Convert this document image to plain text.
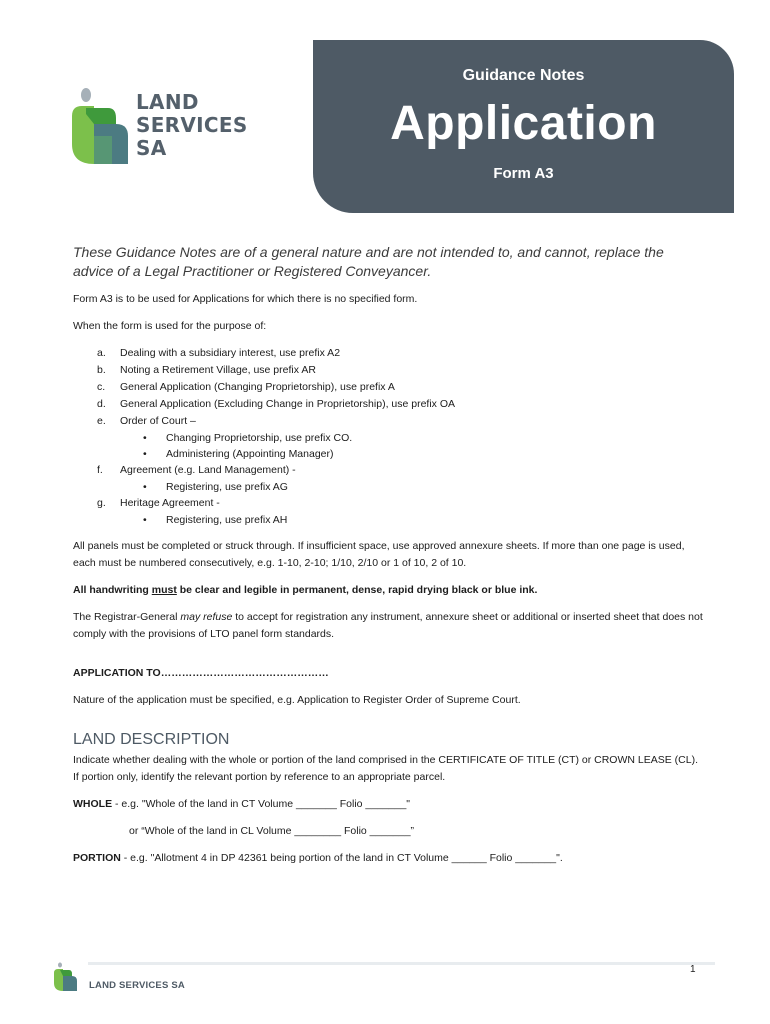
LAND
SERVICES
SA
Guidance Notes
Application
Form A3

These Guidance Notes are of a general nature and are not intended to, and cannot, replace the advice of a Legal Practitioner or Registered Conveyancer.

Form A3 is to be used for Applications for which there is no specified form.

When the form is used for the purpose of:

a. Dealing with a subsidiary interest, use prefix A2
b. Noting a Retirement Village, use prefix AR
c. General Application (Changing Proprietorship), use prefix A
d. General Application (Excluding Change in Proprietorship), use prefix OA
e. Order of Court –
• Changing Proprietorship, use prefix CO.
• Administering (Appointing Manager)
f. Agreement (e.g. Land Management) -
• Registering, use prefix AG
g. Heritage Agreement -
• Registering, use prefix AH

All panels must be completed or struck through. If insufficient space, use approved annexure sheets. If more than one page is used, each must be numbered consecutively, e.g. 1-10, 2-10; 1/10, 2/10 or 1 of 10, 2 of 10.

All handwriting must be clear and legible in permanent, dense, rapid drying black or blue ink.

The Registrar-General may refuse to accept for registration any instrument, annexure sheet or additional or inserted sheet that does not comply with the provisions of LTO panel form standards.

APPLICATION TO…………………………………………

Nature of the application must be specified, e.g. Application to Register Order of Supreme Court.

LAND DESCRIPTION

Indicate whether dealing with the whole or portion of the land comprised in the CERTIFICATE OF TITLE (CT) or CROWN LEASE (CL). If portion only, identify the relevant portion by reference to an appropriate parcel.

WHOLE - e.g. "Whole of the land in CT Volume _______ Folio _______"

or “Whole of the land in CL Volume ________ Folio _______”

PORTION - e.g. "Allotment 4 in DP 42361 being portion of the land in CT Volume ______ Folio _______".

1
LAND SERVICES SA
